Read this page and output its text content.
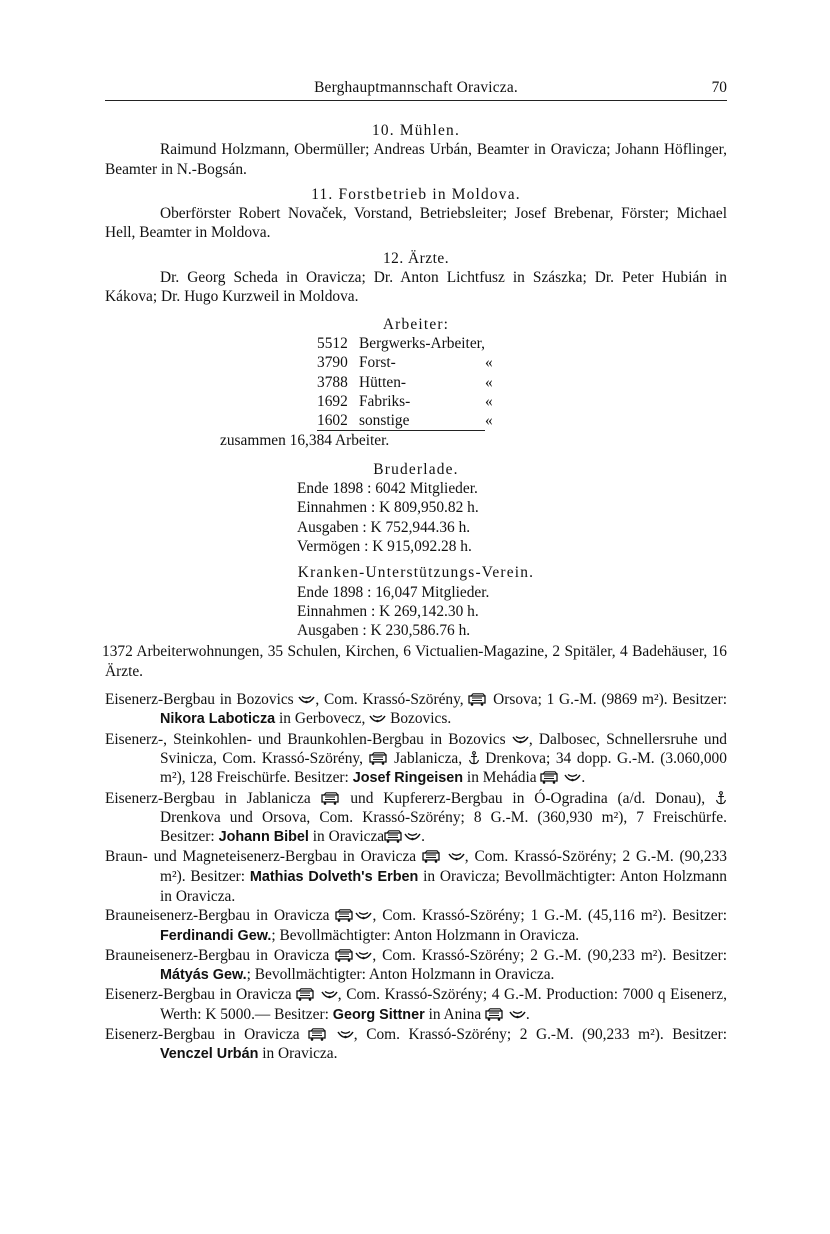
Berghauptmannschaft Oravicza.	70
10. Mühlen.
Raimund Holzmann, Obermüller; Andreas Urbán, Beamter in Oravicza; Johann Höflinger, Beamter in N.-Bogsán.
11. Forstbetrieb in Moldova.
Oberförster Robert Novaček, Vorstand, Betriebsleiter; Josef Brebenar, Förster; Michael Hell, Beamter in Moldova.
12. Ärzte.
Dr. Georg Scheda in Oravicza; Dr. Anton Lichtfusz in Szászka; Dr. Peter Hubián in Kákova; Dr. Hugo Kurzweil in Moldova.
Arbeiter:
5512	Bergwerks-Arbeiter,	
3790	Forst-	«
3788	Hütten-	«
1692	Fabriks-	«
1602	sonstige	«
zusammen 16,384 Arbeiter.
Bruderlade.
Ende 1898 : 6042 Mitglieder.
Einnahmen : K 809,950.82 h.
Ausgaben : K 752,944.36 h.
Vermögen : K 915,092.28 h.
Kranken-Unterstützungs-Verein.
Ende 1898 : 16,047 Mitglieder.
Einnahmen : K 269,142.30 h.
Ausgaben : K 230,586.76 h.
1372 Arbeiterwohnungen, 35 Schulen, Kirchen, 6 Victualien-Magazine, 2 Spitäler, 4 Badehäuser, 16 Ärzte.

Eisenerz-Bergbau in Bozovics , Com. Krassó-Szörény, Orsova; 1 G.-M. (9869 m²). Besitzer: Nikora Laboticza in Gerbovecz, Bozovics.

Eisenerz-, Steinkohlen- und Braunkohlen-Bergbau in Bozovics , Dalbosec, Schnellersruhe und Svinicza, Com. Krassó-Szörény, Jablanicza, Drenkova; 34 dopp. G.-M. (3.060,000 m²), 128 Freischürfe. Besitzer: Josef Ringeisen in Mehádia	.

Eisenerz-Bergbau in Jablanicza	und Kupfererz-Bergbau in Ó-Ogradina (a/d. Donau),  Drenkova und Orsova, Com. Krassó-Szörény; 8 G.-M. (360,930 m²), 7 Freischürfe. Besitzer: Johann Bibel in Oravicza .

Braun- und Magneteisenerz-Bergbau in Oravicza	, Com. Krassó-Szörény; 2 G.-M. (90,233 m²). Besitzer: Mathias Dolveth's Erben in Oravicza; Bevollmächtigter: Anton Holzmann in Oravicza.

Brauneisenerz-Bergbau in Oravicza	, Com. Krassó-Szörény; 1 G.-M. (45,116 m²). Besitzer: Ferdinandi Gew.; Bevollmächtigter: Anton Holzmann in Oravicza.

Brauneisenerz-Bergbau in Oravicza	, Com. Krassó-Szörény; 2 G.-M. (90,233 m²). Besitzer: Mátyás Gew.; Bevollmächtigter: Anton Holzmann in Oravicza.

Eisenerz-Bergbau in Oravicza	, Com. Krassó-Szörény; 4 G.-M. Production: 7000 q Eisenerz, Werth: K 5000.— Besitzer: Georg Sittner in Anina	.

Eisenerz-Bergbau in Oravicza	, Com. Krassó-Szörény; 2 G.-M. (90,233 m²). Besitzer: Venczel Urbán in Oravicza.
